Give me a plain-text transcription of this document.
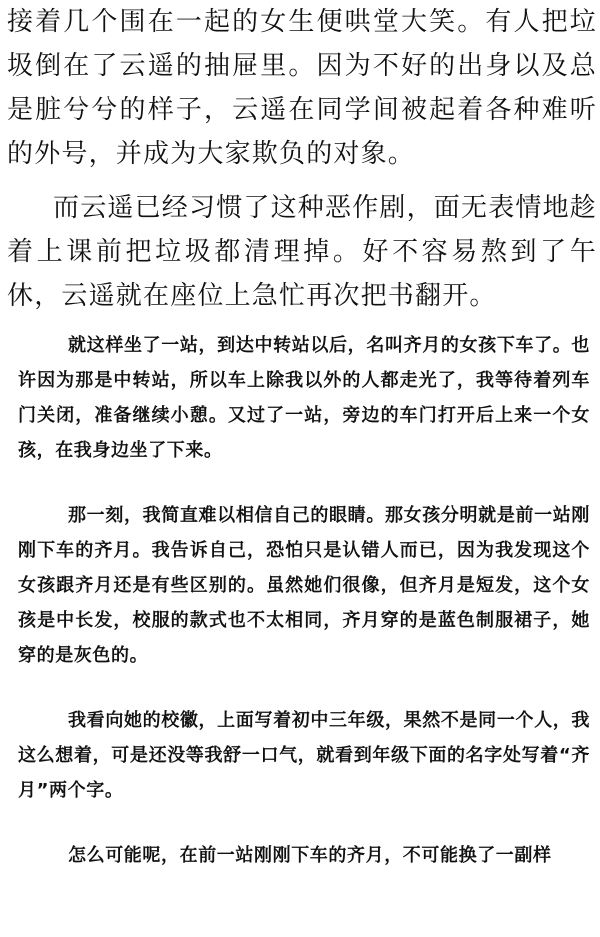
接着几个围在一起的女生便哄堂大笑。有人把垃圾倒在了云遥的抽屉里。因为不好的出身以及总是脏兮兮的样子，云遥在同学间被起着各种难听的外号，并成为大家欺负的对象。

而云遥已经习惯了这种恶作剧，面无表情地趁着上课前把垃圾都清理掉。好不容易熬到了午休，云遥就在座位上急忙再次把书翻开。

就这样坐了一站，到达中转站以后，名叫齐月的女孩下车了。也许因为那是中转站，所以车上除我以外的人都走光了，我等待着列车门关闭，准备继续小憩。又过了一站，旁边的车门打开后上来一个女孩，在我身边坐了下来。

那一刻，我简直难以相信自己的眼睛。那女孩分明就是前一站刚刚下车的齐月。我告诉自己，恐怕只是认错人而已，因为我发现这个女孩跟齐月还是有些区别的。虽然她们很像，但齐月是短发，这个女孩是中长发，校服的款式也不太相同，齐月穿的是蓝色制服裙子，她穿的是灰色的。

我看向她的校徽，上面写着初中三年级，果然不是同一个人，我这么想着，可是还没等我舒一口气，就看到年级下面的名字处写着“齐月”两个字。

怎么可能呢，在前一站刚刚下车的齐月，不可能换了一副样
